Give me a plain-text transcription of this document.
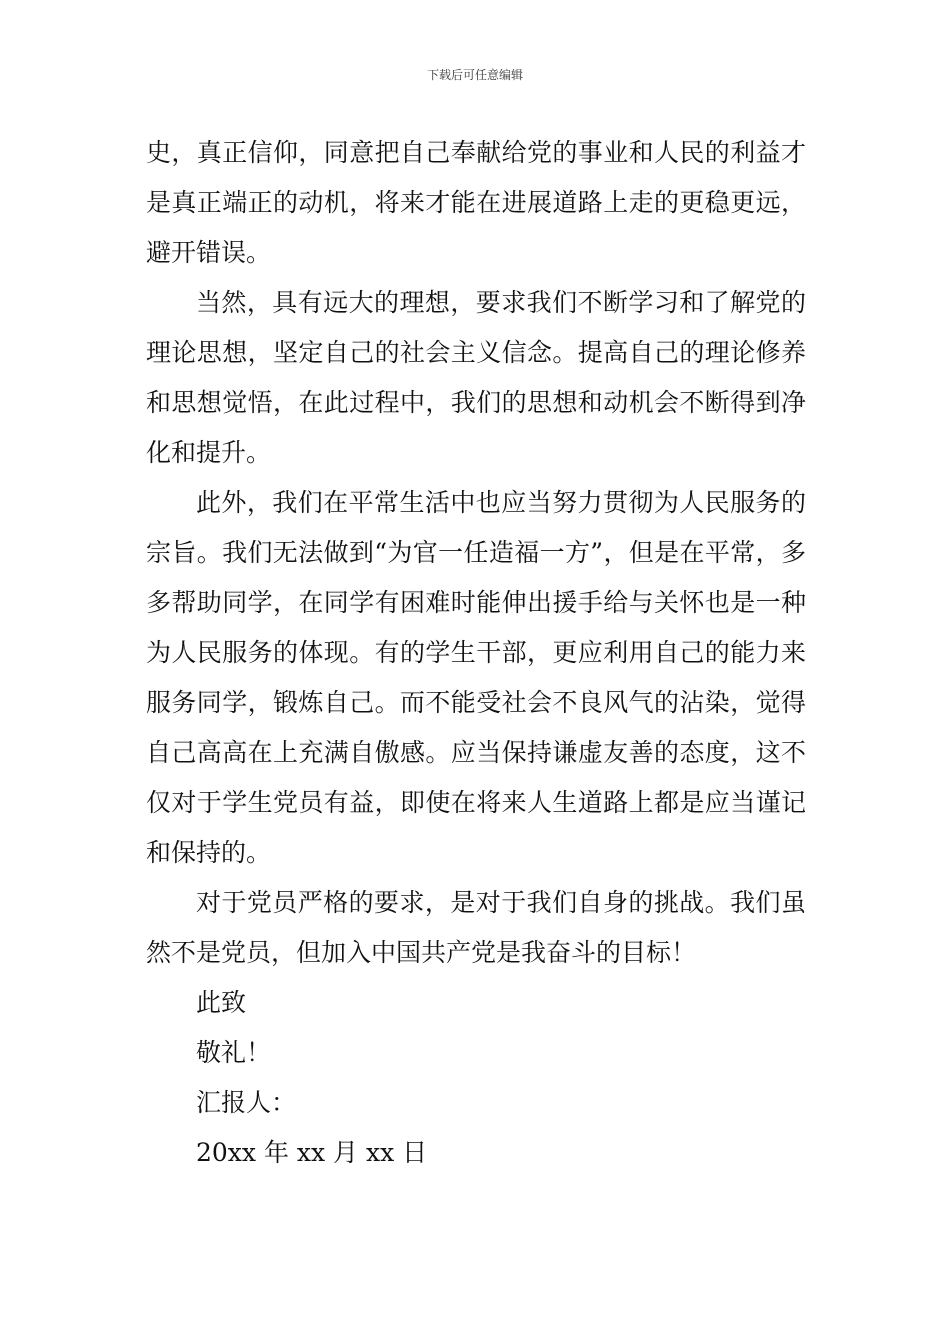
下载后可任意编辑

史，真正信仰，同意把自己奉献给党的事业和人民的利益才是真正端正的动机，将来才能在进展道路上走的更稳更远，避开错误。

当然，具有远大的理想，要求我们不断学习和了解党的理论思想，坚定自己的社会主义信念。提高自己的理论修养和思想觉悟，在此过程中，我们的思想和动机会不断得到净化和提升。

此外，我们在平常生活中也应当努力贯彻为人民服务的宗旨。我们无法做到“为官一任造福一方”，但是在平常，多多帮助同学，在同学有困难时能伸出援手给与关怀也是一种为人民服务的体现。有的学生干部，更应利用自己的能力来服务同学，锻炼自己。而不能受社会不良风气的沾染，觉得自己高高在上充满自傲感。应当保持谦虚友善的态度，这不仅对于学生党员有益，即使在将来人生道路上都是应当谨记和保持的。

对于党员严格的要求，是对于我们自身的挑战。我们虽然不是党员，但加入中国共产党是我奋斗的目标！

此致

敬礼！

汇报人：

20xx 年 xx 月 xx 日
